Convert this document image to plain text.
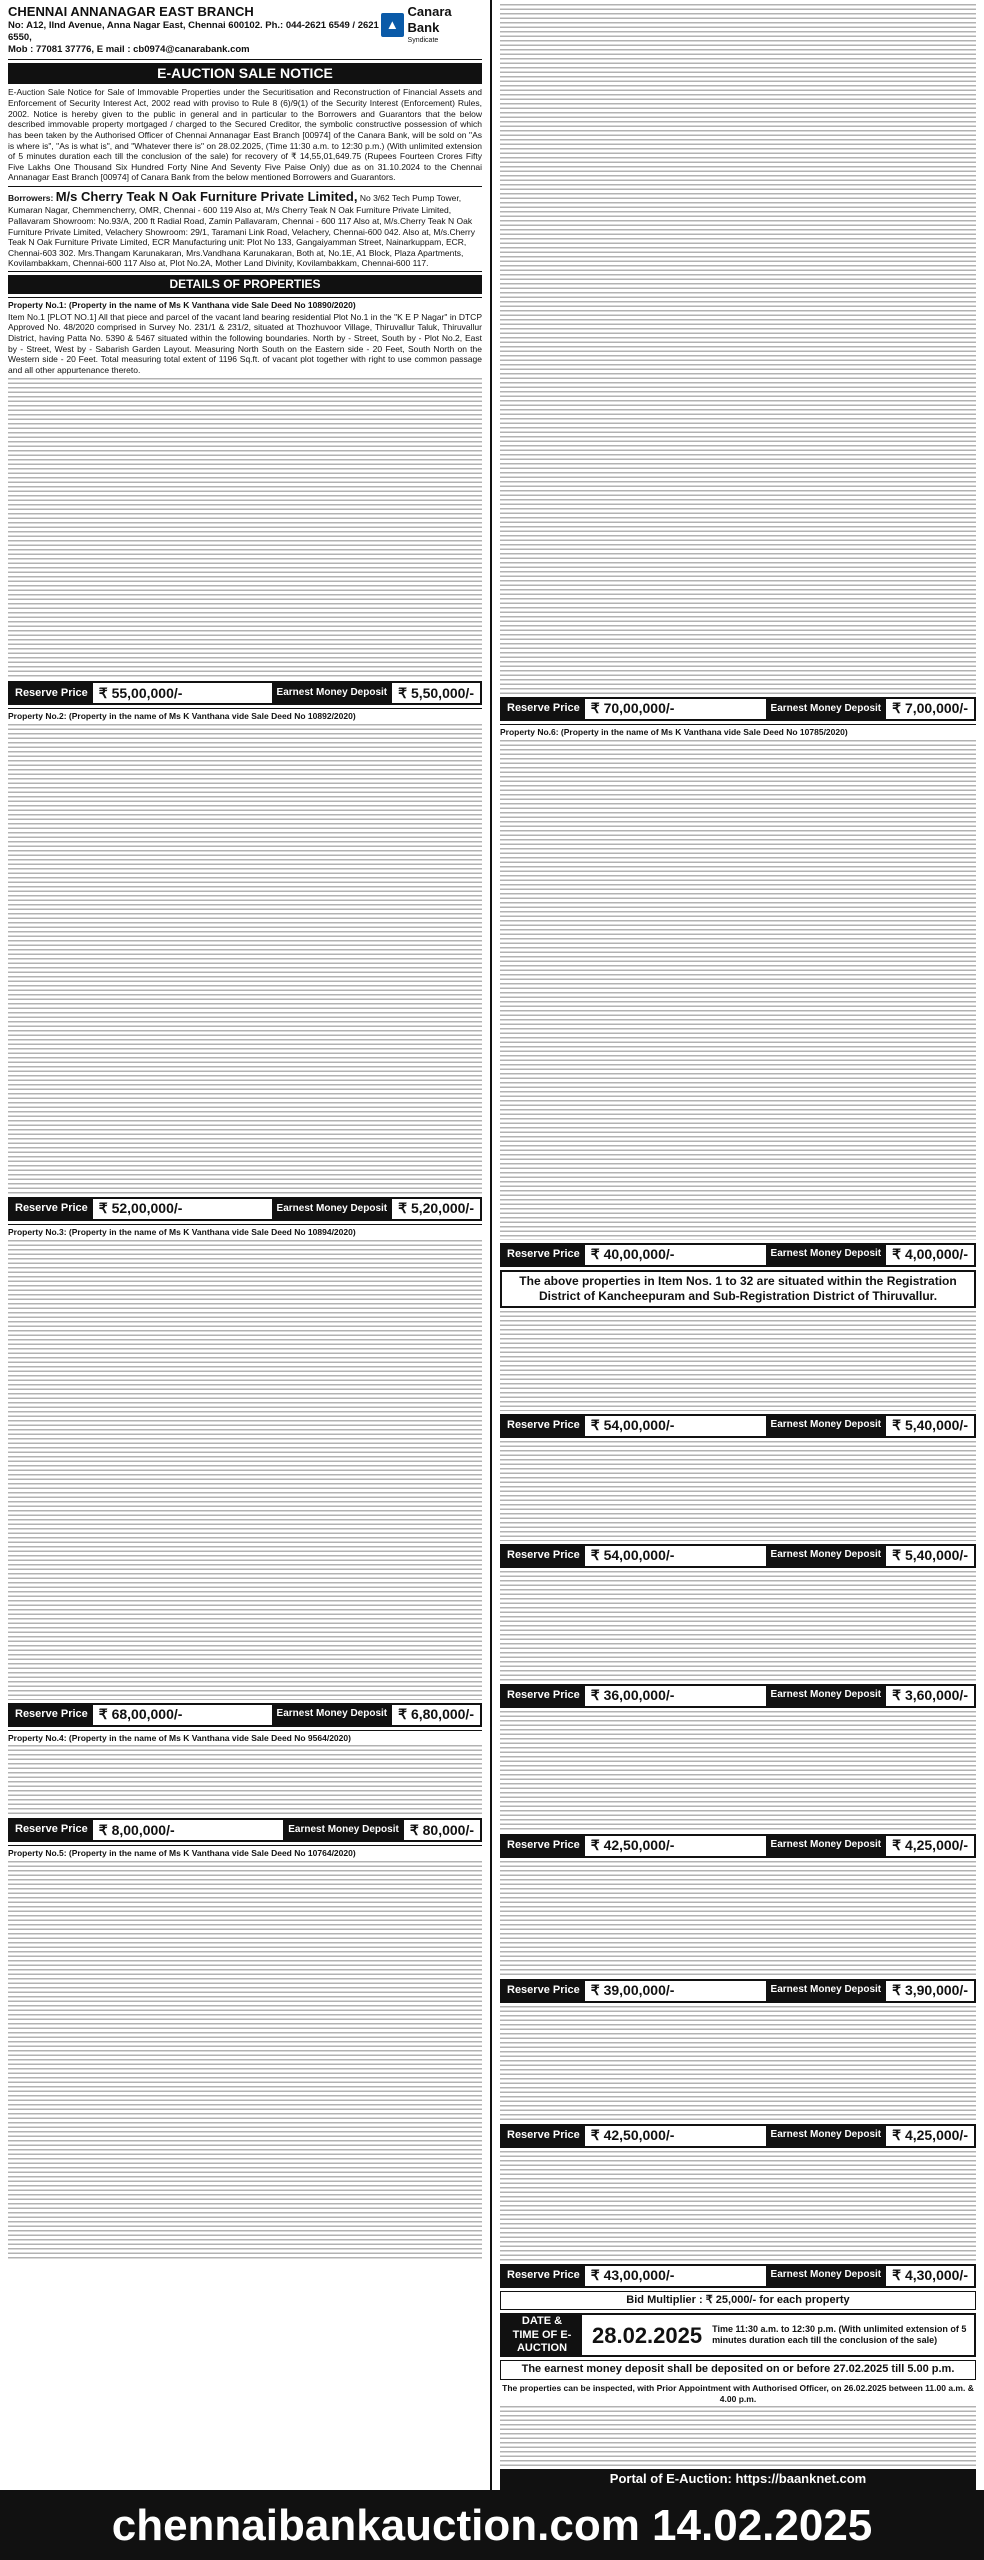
CHENNAI ANNANAGAR EAST BRANCH
No: A12, IInd Avenue, Anna Nagar East, Chennai 600102. Ph.: 044-2621 6549 / 2621 6550,
Mob : 77081 37776, E mail : cb0974@canarabank.com
▲
Canara Bank
Syndicate
E-AUCTION SALE NOTICE
E-Auction Sale Notice for Sale of Immovable Properties under the Securitisation and Reconstruction of Financial Assets and Enforcement of Security Interest Act, 2002 read with proviso to Rule 8 (6)/9(1) of the Security Interest (Enforcement) Rules, 2002. Notice is hereby given to the public in general and in particular to the Borrowers and Guarantors that the below described immovable property mortgaged / charged to the Secured Creditor, the symbolic constructive possession of which has been taken by the Authorised Officer of Chennai Annanagar East Branch [00974] of the Canara Bank, will be sold on "As is where is", "As is what is", and "Whatever there is" on 28.02.2025, (Time 11:30 a.m. to 12:30 p.m.) (With unlimited extension of 5 minutes duration each till the conclusion of the sale) for recovery of ₹ 14,55,01,649.75 (Rupees Fourteen Crores Fifty Five Lakhs One Thousand Six Hundred Forty Nine And Seventy Five Paise Only) due as on 31.10.2024 to the Chennai Annanagar East Branch [00974] of Canara Bank from the below mentioned Borrowers and Guarantors.
Borrowers: M/s Cherry Teak N Oak Furniture Private Limited, No 3/62 Tech Pump Tower, Kumaran Nagar, Chemmencherry, OMR, Chennai - 600 119 Also at, M/s Cherry Teak N Oak Furniture Private Limited, Pallavaram Showroom: No.93/A, 200 ft Radial Road, Zamin Pallavaram, Chennai - 600 117 Also at, M/s.Cherry Teak N Oak Furniture Private Limited, Velachery Showroom: 29/1, Taramani Link Road, Velachery, Chennai-600 042. Also at, M/s.Cherry Teak N Oak Furniture Private Limited, ECR Manufacturing unit: Plot No 133, Gangaiyamman Street, Nainarkuppam, ECR, Chennai-603 302. Mrs.Thangam Karunakaran, Mrs.Vandhana Karunakaran, Both at, No.1E, A1 Block, Plaza Apartments, Kovilambakkam, Chennai-600 117 Also at, Plot No.2A, Mother Land Divinity, Kovilambakkam, Chennai-600 117.
DETAILS OF PROPERTIES
Property No.1: (Property in the name of Ms K Vanthana vide Sale Deed No 10890/2020)
Item No.1 [PLOT NO.1] All that piece and parcel of the vacant land bearing residential Plot No.1 in the "K E P Nagar" in DTCP Approved No. 48/2020 comprised in Survey No. 231/1 & 231/2, situated at Thozhuvoor Village, Thiruvallur Taluk, Thiruvallur District, having Patta No. 5390 & 5467 situated within the following boundaries. North by - Street, South by - Plot No.2, East by - Street, West by - Sabarish Garden Layout. Measuring North South on the Eastern side - 20 Feet, South North on the Western side - 20 Feet. Total measuring total extent of 1196 Sq.ft. of vacant plot together with right to use common passage and all other appurtenance thereto.
Reserve Price ₹ 55,00,000/-	Earnest Money Deposit ₹ 5,50,000/-
Property No.2: (Property in the name of Ms K Vanthana vide Sale Deed No 10892/2020)
Reserve Price ₹ 52,00,000/-	Earnest Money Deposit ₹ 5,20,000/-
Property No.3: (Property in the name of Ms K Vanthana vide Sale Deed No 10894/2020)
Reserve Price ₹ 68,00,000/-	Earnest Money Deposit ₹ 6,80,000/-
Property No.4: (Property in the name of Ms K Vanthana vide Sale Deed No 9564/2020)
Reserve Price ₹ 8,00,000/-	Earnest Money Deposit ₹ 80,000/-
Property No.5: (Property in the name of Ms K Vanthana vide Sale Deed No 10764/2020)
Reserve Price ₹ 70,00,000/-	Earnest Money Deposit ₹ 7,00,000/-
Property No.6: (Property in the name of Ms K Vanthana vide Sale Deed No 10785/2020)
Reserve Price ₹ 40,00,000/-	Earnest Money Deposit ₹ 4,00,000/-
The above properties in Item Nos. 1 to 32 are situated within the Registration District of Kancheepuram and Sub-Registration District of Thiruvallur.
Reserve Price ₹ 54,00,000/-	Earnest Money Deposit ₹ 5,40,000/-
Reserve Price ₹ 54,00,000/-	Earnest Money Deposit ₹ 5,40,000/-
Reserve Price ₹ 36,00,000/-	Earnest Money Deposit ₹ 3,60,000/-
Reserve Price ₹ 42,50,000/-	Earnest Money Deposit ₹ 4,25,000/-
Reserve Price ₹ 39,00,000/-	Earnest Money Deposit ₹ 3,90,000/-
Reserve Price ₹ 42,50,000/-	Earnest Money Deposit ₹ 4,25,000/-
Reserve Price ₹ 43,00,000/-	Earnest Money Deposit ₹ 4,30,000/-
Bid Multiplier : ₹ 25,000/- for each property
DATE & TIME OF E-AUCTION
28.02.2025	Time 11:30 a.m. to 12:30 p.m. (With unlimited extension of 5 minutes duration each till the conclusion of the sale)
The earnest money deposit shall be deposited on or before 27.02.2025 till 5.00 p.m.
The properties can be inspected, with Prior Appointment with Authorised Officer, on 26.02.2025 between 11.00 a.m. & 4.00 p.m.
Portal of E-Auction: https://baanknet.com
chennaibankauction.com 14.02.2025
